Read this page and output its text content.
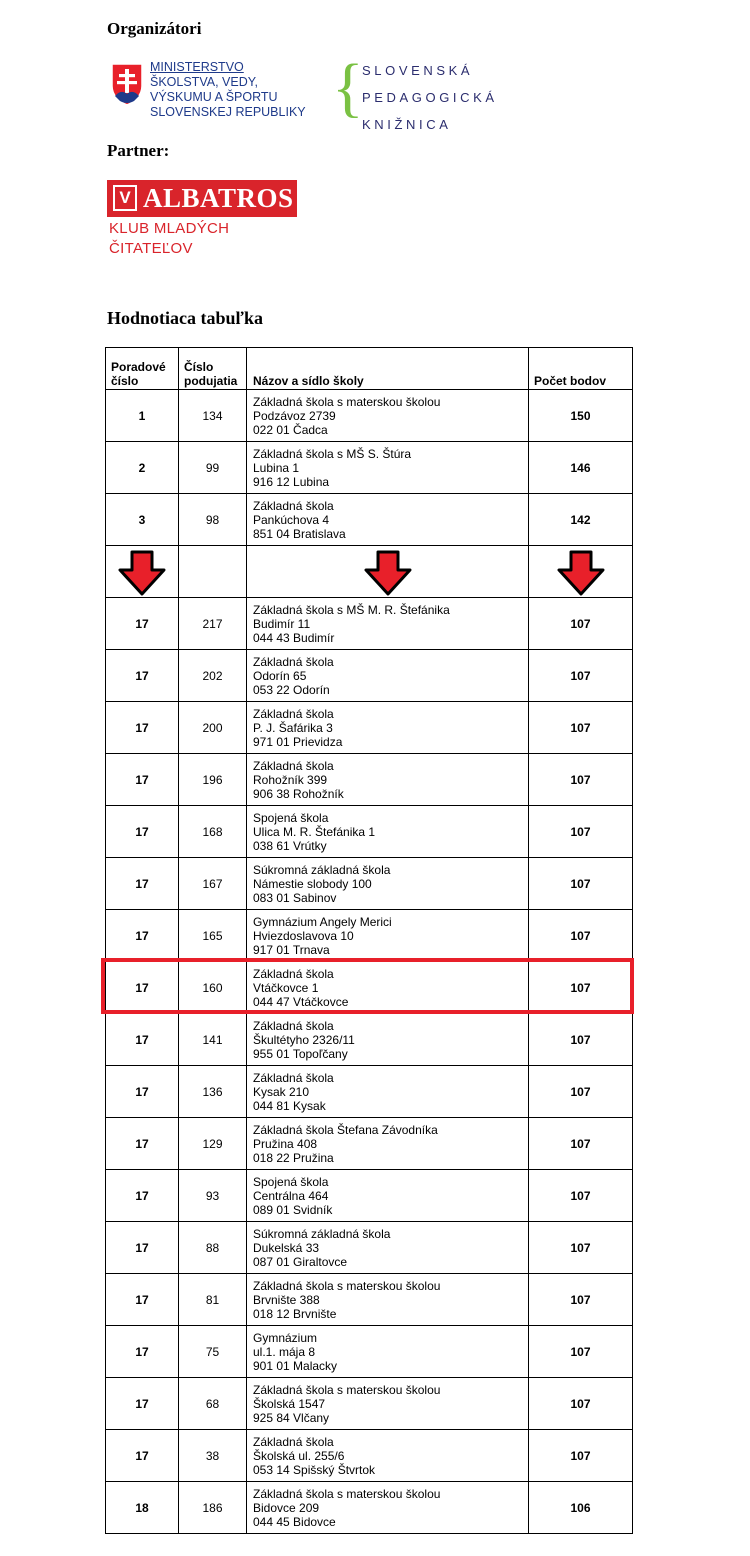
Organizátori
MINISTERSTVO
ŠKOLSTVA, VEDY,
VÝSKUMU A ŠPORTU
SLOVENSKEJ REPUBLIKY {
SLOVENSKÁ
PEDAGOGICKÁ
KNIŽNICA
Partner:
V ALBATROS
KLUB MLADÝCH ČITATEĽOV
Hodnotiaca tabuľka
Poradové číslo	Číslo podujatia	Názov a sídlo školy	Počet bodov
1	134	Základná škola s materskou školou
Podzávoz 2739
022 01 Čadca	150
2	99	Základná škola s MŠ S. Štúra
Lubina 1
916 12 Lubina	146
3	98	Základná škola
Pankúchova 4
851 04 Bratislava	142

17	217	Základná škola s MŠ M. R. Štefánika
Budimír 11
044 43 Budimír	107
17	202	Základná škola
Odorín 65
053 22 Odorín	107
17	200	Základná škola
P. J. Šafárika 3
971 01 Prievidza	107
17	196	Základná škola
Rohožník 399
906 38 Rohožník	107
17	168	Spojená škola
Ulica M. R. Štefánika 1
038 61 Vrútky	107
17	167	Súkromná základná škola
Námestie slobody 100
083 01 Sabinov	107
17	165	Gymnázium Angely Merici
Hviezdoslavova 10
917 01 Trnava	107
17	160	Základná škola
Vtáčkovce 1
044 47 Vtáčkovce	107
17	141	Základná škola
Škultétyho 2326/11
955 01 Topoľčany	107
17	136	Základná škola
Kysak 210
044 81 Kysak	107
17	129	Základná škola Štefana Závodníka
Pružina 408
018 22 Pružina	107
17	93	Spojená škola
Centrálna 464
089 01 Svidník	107
17	88	Súkromná základná škola
Dukelská 33
087 01 Giraltovce	107
17	81	Základná škola s materskou školou
Brvnište 388
018 12 Brvnište	107
17	75	Gymnázium
ul.1. mája 8
901 01 Malacky	107
17	68	Základná škola s materskou školou
Školská 1547
925 84 Vlčany	107
17	38	Základná škola
Školská ul. 255/6
053 14 Spišský Štvrtok	107
18	186	Základná škola s materskou školou
Bidovce 209
044 45 Bidovce	106
